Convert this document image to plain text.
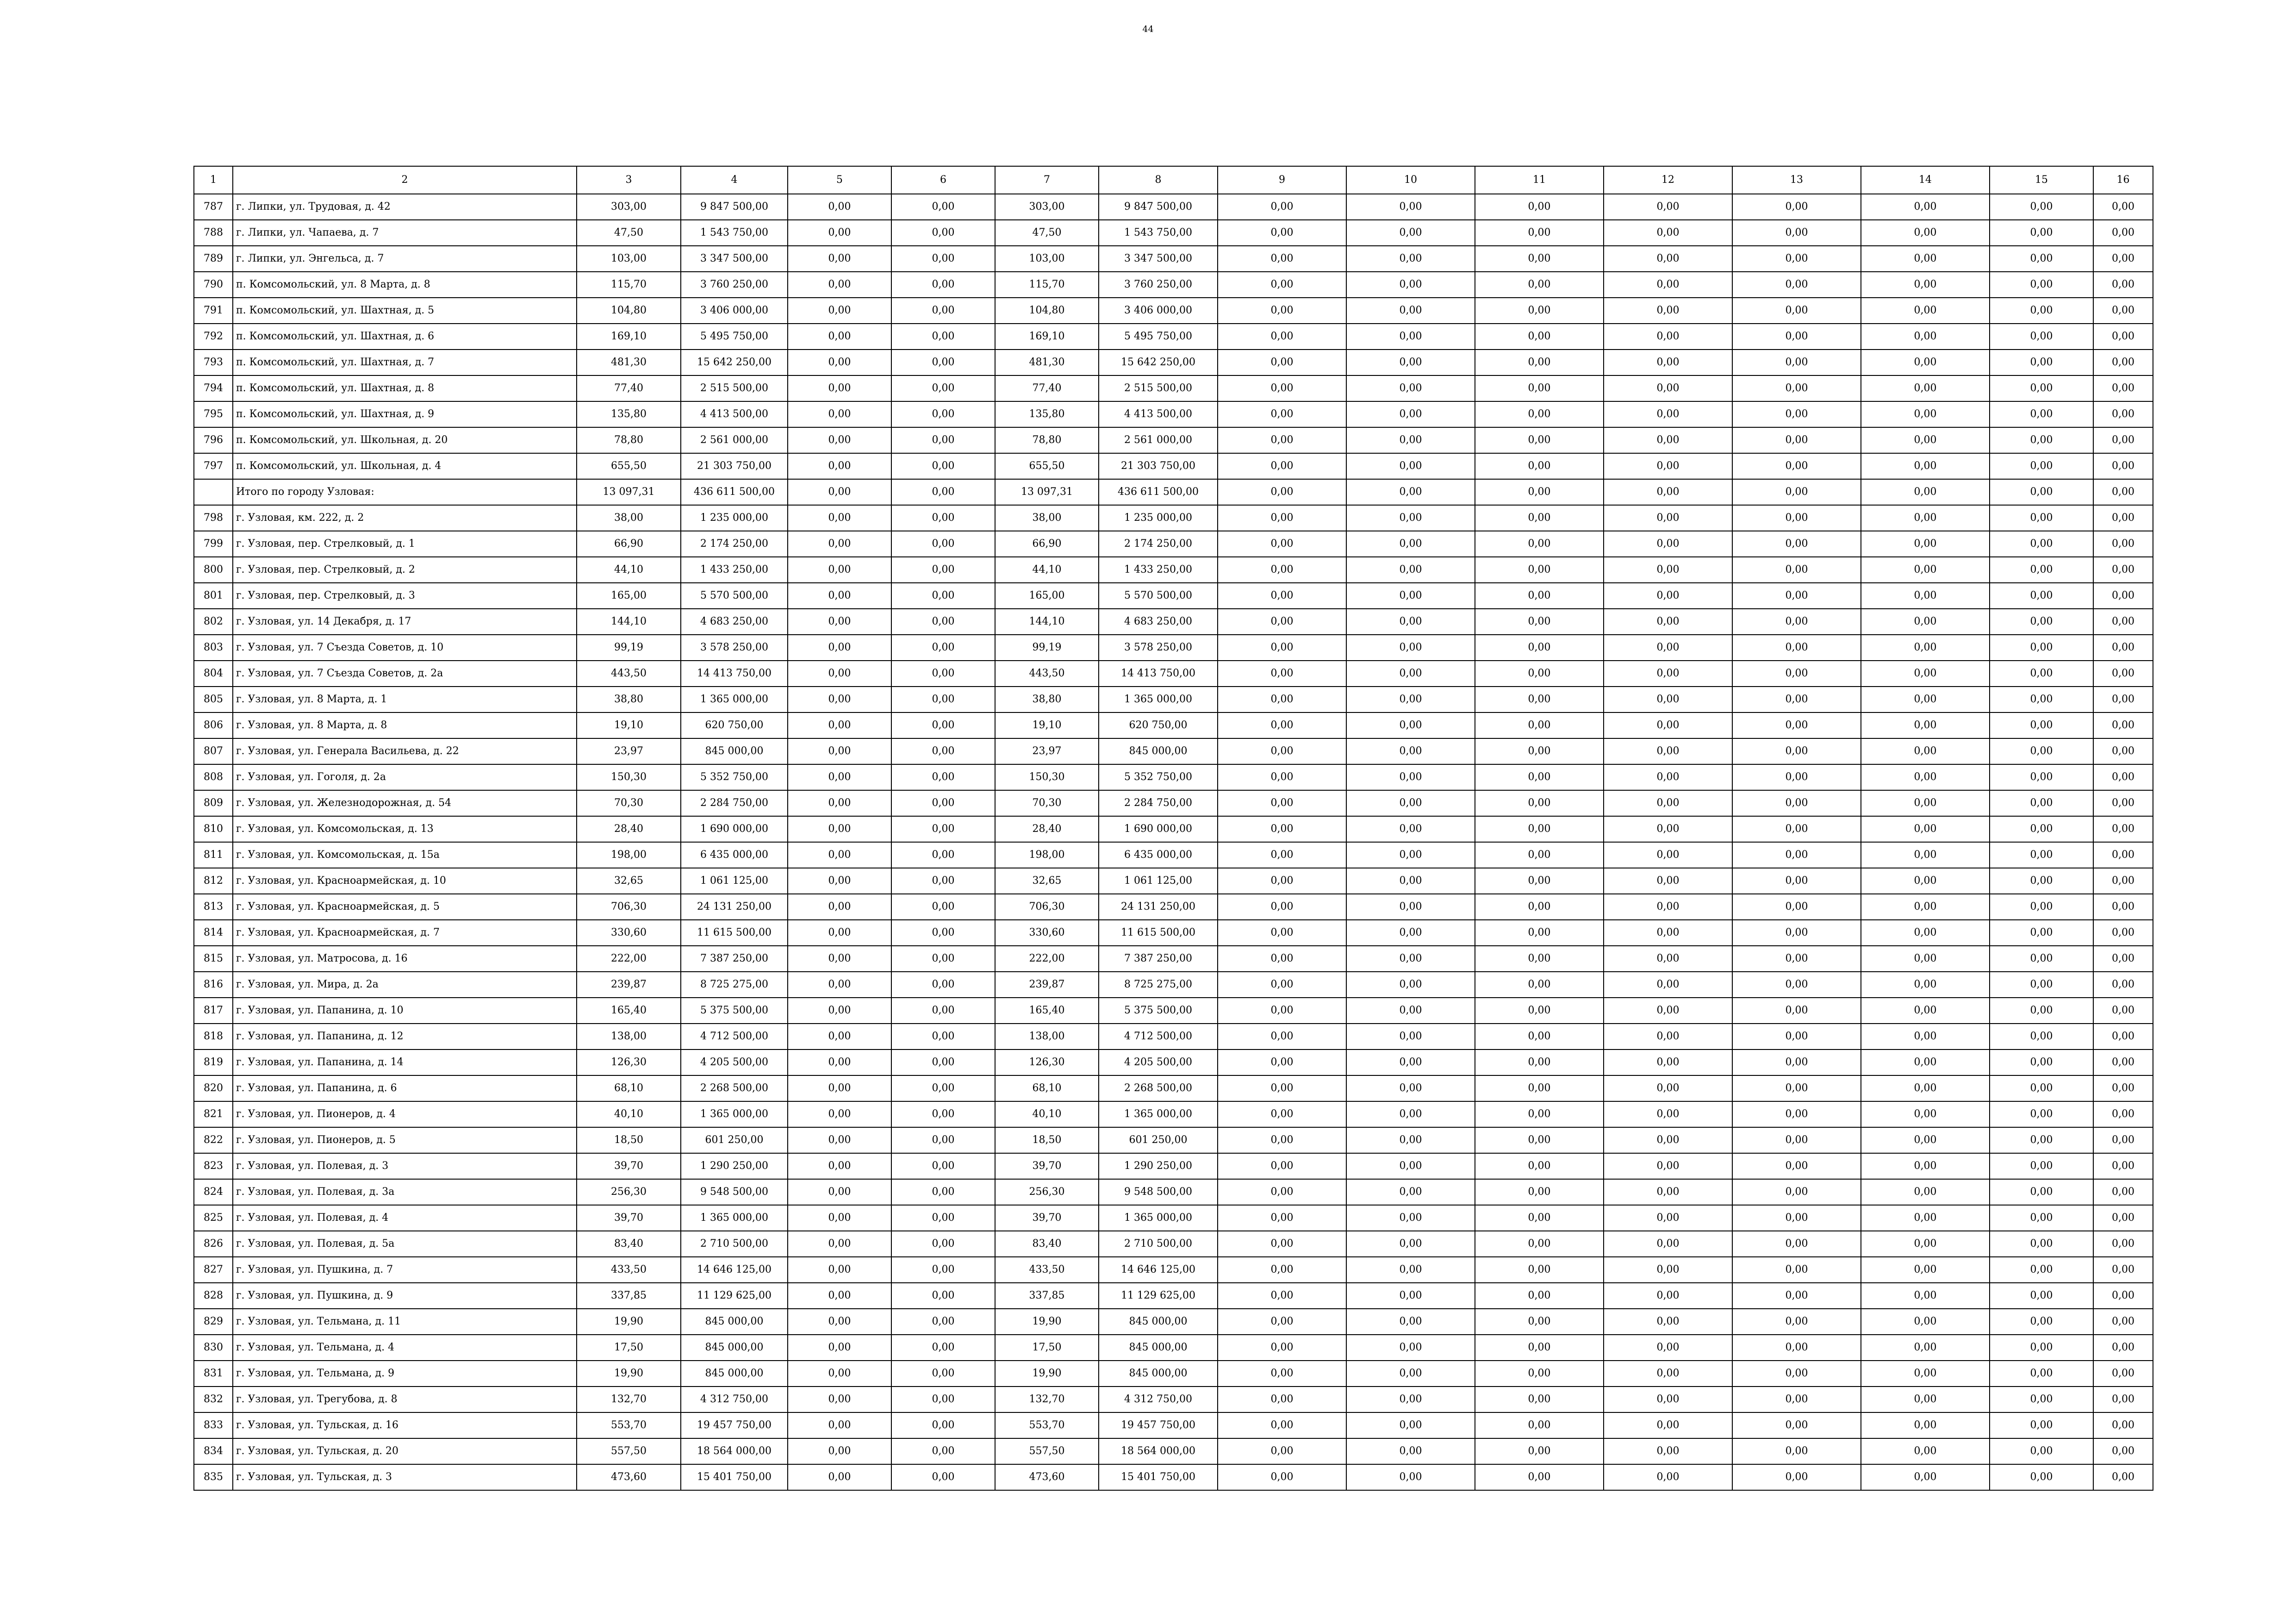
44
1	2	3	4	5	6	7	8	9	10	11	12	13	14	15	16
787	г. Липки, ул. Трудовая, д. 42	303,00	9 847 500,00	0,00	0,00	303,00	9 847 500,00	0,00	0,00	0,00	0,00	0,00	0,00	0,00	0,00
788	г. Липки, ул. Чапаева, д. 7	47,50	1 543 750,00	0,00	0,00	47,50	1 543 750,00	0,00	0,00	0,00	0,00	0,00	0,00	0,00	0,00
789	г. Липки, ул. Энгельса, д. 7	103,00	3 347 500,00	0,00	0,00	103,00	3 347 500,00	0,00	0,00	0,00	0,00	0,00	0,00	0,00	0,00
790	п. Комсомольский, ул. 8 Марта, д. 8	115,70	3 760 250,00	0,00	0,00	115,70	3 760 250,00	0,00	0,00	0,00	0,00	0,00	0,00	0,00	0,00
791	п. Комсомольский, ул. Шахтная, д. 5	104,80	3 406 000,00	0,00	0,00	104,80	3 406 000,00	0,00	0,00	0,00	0,00	0,00	0,00	0,00	0,00
792	п. Комсомольский, ул. Шахтная, д. 6	169,10	5 495 750,00	0,00	0,00	169,10	5 495 750,00	0,00	0,00	0,00	0,00	0,00	0,00	0,00	0,00
793	п. Комсомольский, ул. Шахтная, д. 7	481,30	15 642 250,00	0,00	0,00	481,30	15 642 250,00	0,00	0,00	0,00	0,00	0,00	0,00	0,00	0,00
794	п. Комсомольский, ул. Шахтная, д. 8	77,40	2 515 500,00	0,00	0,00	77,40	2 515 500,00	0,00	0,00	0,00	0,00	0,00	0,00	0,00	0,00
795	п. Комсомольский, ул. Шахтная, д. 9	135,80	4 413 500,00	0,00	0,00	135,80	4 413 500,00	0,00	0,00	0,00	0,00	0,00	0,00	0,00	0,00
796	п. Комсомольский, ул. Школьная, д. 20	78,80	2 561 000,00	0,00	0,00	78,80	2 561 000,00	0,00	0,00	0,00	0,00	0,00	0,00	0,00	0,00
797	п. Комсомольский, ул. Школьная, д. 4	655,50	21 303 750,00	0,00	0,00	655,50	21 303 750,00	0,00	0,00	0,00	0,00	0,00	0,00	0,00	0,00
	Итого по городу Узловая:	13 097,31	436 611 500,00	0,00	0,00	13 097,31	436 611 500,00	0,00	0,00	0,00	0,00	0,00	0,00	0,00	0,00
798	г. Узловая, км. 222, д. 2	38,00	1 235 000,00	0,00	0,00	38,00	1 235 000,00	0,00	0,00	0,00	0,00	0,00	0,00	0,00	0,00
799	г. Узловая, пер. Стрелковый, д. 1	66,90	2 174 250,00	0,00	0,00	66,90	2 174 250,00	0,00	0,00	0,00	0,00	0,00	0,00	0,00	0,00
800	г. Узловая, пер. Стрелковый, д. 2	44,10	1 433 250,00	0,00	0,00	44,10	1 433 250,00	0,00	0,00	0,00	0,00	0,00	0,00	0,00	0,00
801	г. Узловая, пер. Стрелковый, д. 3	165,00	5 570 500,00	0,00	0,00	165,00	5 570 500,00	0,00	0,00	0,00	0,00	0,00	0,00	0,00	0,00
802	г. Узловая, ул. 14 Декабря, д. 17	144,10	4 683 250,00	0,00	0,00	144,10	4 683 250,00	0,00	0,00	0,00	0,00	0,00	0,00	0,00	0,00
803	г. Узловая, ул. 7 Съезда Советов, д. 10	99,19	3 578 250,00	0,00	0,00	99,19	3 578 250,00	0,00	0,00	0,00	0,00	0,00	0,00	0,00	0,00
804	г. Узловая, ул. 7 Съезда Советов, д. 2а	443,50	14 413 750,00	0,00	0,00	443,50	14 413 750,00	0,00	0,00	0,00	0,00	0,00	0,00	0,00	0,00
805	г. Узловая, ул. 8 Марта, д. 1	38,80	1 365 000,00	0,00	0,00	38,80	1 365 000,00	0,00	0,00	0,00	0,00	0,00	0,00	0,00	0,00
806	г. Узловая, ул. 8 Марта, д. 8	19,10	620 750,00	0,00	0,00	19,10	620 750,00	0,00	0,00	0,00	0,00	0,00	0,00	0,00	0,00
807	г. Узловая, ул. Генерала Васильева, д. 22	23,97	845 000,00	0,00	0,00	23,97	845 000,00	0,00	0,00	0,00	0,00	0,00	0,00	0,00	0,00
808	г. Узловая, ул. Гоголя, д. 2а	150,30	5 352 750,00	0,00	0,00	150,30	5 352 750,00	0,00	0,00	0,00	0,00	0,00	0,00	0,00	0,00
809	г. Узловая, ул. Железнодорожная, д. 54	70,30	2 284 750,00	0,00	0,00	70,30	2 284 750,00	0,00	0,00	0,00	0,00	0,00	0,00	0,00	0,00
810	г. Узловая, ул. Комсомольская, д. 13	28,40	1 690 000,00	0,00	0,00	28,40	1 690 000,00	0,00	0,00	0,00	0,00	0,00	0,00	0,00	0,00
811	г. Узловая, ул. Комсомольская, д. 15а	198,00	6 435 000,00	0,00	0,00	198,00	6 435 000,00	0,00	0,00	0,00	0,00	0,00	0,00	0,00	0,00
812	г. Узловая, ул. Красноармейская, д. 10	32,65	1 061 125,00	0,00	0,00	32,65	1 061 125,00	0,00	0,00	0,00	0,00	0,00	0,00	0,00	0,00
813	г. Узловая, ул. Красноармейская, д. 5	706,30	24 131 250,00	0,00	0,00	706,30	24 131 250,00	0,00	0,00	0,00	0,00	0,00	0,00	0,00	0,00
814	г. Узловая, ул. Красноармейская, д. 7	330,60	11 615 500,00	0,00	0,00	330,60	11 615 500,00	0,00	0,00	0,00	0,00	0,00	0,00	0,00	0,00
815	г. Узловая, ул. Матросова, д. 16	222,00	7 387 250,00	0,00	0,00	222,00	7 387 250,00	0,00	0,00	0,00	0,00	0,00	0,00	0,00	0,00
816	г. Узловая, ул. Мира, д. 2а	239,87	8 725 275,00	0,00	0,00	239,87	8 725 275,00	0,00	0,00	0,00	0,00	0,00	0,00	0,00	0,00
817	г. Узловая, ул. Папанина, д. 10	165,40	5 375 500,00	0,00	0,00	165,40	5 375 500,00	0,00	0,00	0,00	0,00	0,00	0,00	0,00	0,00
818	г. Узловая, ул. Папанина, д. 12	138,00	4 712 500,00	0,00	0,00	138,00	4 712 500,00	0,00	0,00	0,00	0,00	0,00	0,00	0,00	0,00
819	г. Узловая, ул. Папанина, д. 14	126,30	4 205 500,00	0,00	0,00	126,30	4 205 500,00	0,00	0,00	0,00	0,00	0,00	0,00	0,00	0,00
820	г. Узловая, ул. Папанина, д. 6	68,10	2 268 500,00	0,00	0,00	68,10	2 268 500,00	0,00	0,00	0,00	0,00	0,00	0,00	0,00	0,00
821	г. Узловая, ул. Пионеров, д. 4	40,10	1 365 000,00	0,00	0,00	40,10	1 365 000,00	0,00	0,00	0,00	0,00	0,00	0,00	0,00	0,00
822	г. Узловая, ул. Пионеров, д. 5	18,50	601 250,00	0,00	0,00	18,50	601 250,00	0,00	0,00	0,00	0,00	0,00	0,00	0,00	0,00
823	г. Узловая, ул. Полевая, д. 3	39,70	1 290 250,00	0,00	0,00	39,70	1 290 250,00	0,00	0,00	0,00	0,00	0,00	0,00	0,00	0,00
824	г. Узловая, ул. Полевая, д. 3а	256,30	9 548 500,00	0,00	0,00	256,30	9 548 500,00	0,00	0,00	0,00	0,00	0,00	0,00	0,00	0,00
825	г. Узловая, ул. Полевая, д. 4	39,70	1 365 000,00	0,00	0,00	39,70	1 365 000,00	0,00	0,00	0,00	0,00	0,00	0,00	0,00	0,00
826	г. Узловая, ул. Полевая, д. 5а	83,40	2 710 500,00	0,00	0,00	83,40	2 710 500,00	0,00	0,00	0,00	0,00	0,00	0,00	0,00	0,00
827	г. Узловая, ул. Пушкина, д. 7	433,50	14 646 125,00	0,00	0,00	433,50	14 646 125,00	0,00	0,00	0,00	0,00	0,00	0,00	0,00	0,00
828	г. Узловая, ул. Пушкина, д. 9	337,85	11 129 625,00	0,00	0,00	337,85	11 129 625,00	0,00	0,00	0,00	0,00	0,00	0,00	0,00	0,00
829	г. Узловая, ул. Тельмана, д. 11	19,90	845 000,00	0,00	0,00	19,90	845 000,00	0,00	0,00	0,00	0,00	0,00	0,00	0,00	0,00
830	г. Узловая, ул. Тельмана, д. 4	17,50	845 000,00	0,00	0,00	17,50	845 000,00	0,00	0,00	0,00	0,00	0,00	0,00	0,00	0,00
831	г. Узловая, ул. Тельмана, д. 9	19,90	845 000,00	0,00	0,00	19,90	845 000,00	0,00	0,00	0,00	0,00	0,00	0,00	0,00	0,00
832	г. Узловая, ул. Трегубова, д. 8	132,70	4 312 750,00	0,00	0,00	132,70	4 312 750,00	0,00	0,00	0,00	0,00	0,00	0,00	0,00	0,00
833	г. Узловая, ул. Тульская, д. 16	553,70	19 457 750,00	0,00	0,00	553,70	19 457 750,00	0,00	0,00	0,00	0,00	0,00	0,00	0,00	0,00
834	г. Узловая, ул. Тульская, д. 20	557,50	18 564 000,00	0,00	0,00	557,50	18 564 000,00	0,00	0,00	0,00	0,00	0,00	0,00	0,00	0,00
835	г. Узловая, ул. Тульская, д. 3	473,60	15 401 750,00	0,00	0,00	473,60	15 401 750,00	0,00	0,00	0,00	0,00	0,00	0,00	0,00	0,00
